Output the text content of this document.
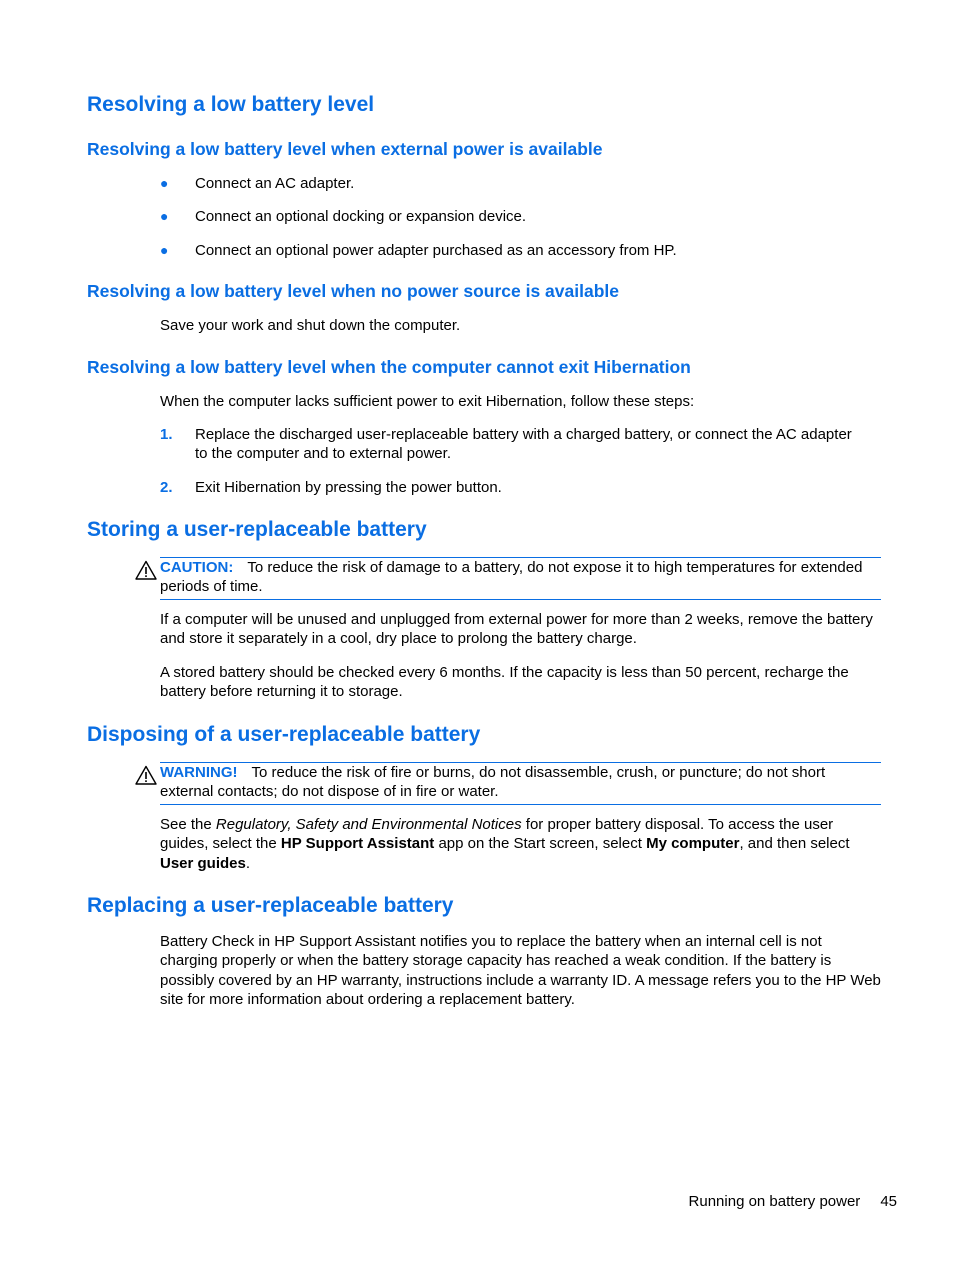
Resolving a low battery level
Resolving a low battery level when external power is available
● Connect an AC adapter.
● Connect an optional docking or expansion device.
● Connect an optional power adapter purchased as an accessory from HP.
Resolving a low battery level when no power source is available

Save your work and shut down the computer.

Resolving a low battery level when the computer cannot exit Hibernation

When the computer lacks sufficient power to exit Hibernation, follow these steps:

1. Replace the discharged user-replaceable battery with a charged battery, or connect the AC adapter to the computer and to external power.
2. Exit Hibernation by pressing the power button.
Storing a user-replaceable battery
CAUTION: To reduce the risk of damage to a battery, do not expose it to high temperatures for extended periods of time.

If a computer will be unused and unplugged from external power for more than 2 weeks, remove the battery and store it separately in a cool, dry place to prolong the battery charge.

A stored battery should be checked every 6 months. If the capacity is less than 50 percent, recharge the battery before returning it to storage.

Disposing of a user-replaceable battery
WARNING! To reduce the risk of fire or burns, do not disassemble, crush, or puncture; do not short external contacts; do not dispose of in fire or water.

See the Regulatory, Safety and Environmental Notices for proper battery disposal. To access the user guides, select the HP Support Assistant app on the Start screen, select My computer, and then select User guides.

Replacing a user-replaceable battery

Battery Check in HP Support Assistant notifies you to replace the battery when an internal cell is not charging properly or when the battery storage capacity has reached a weak condition. If the battery is possibly covered by an HP warranty, instructions include a warranty ID. A message refers you to the HP Web site for more information about ordering a replacement battery.

Running on battery power 45
